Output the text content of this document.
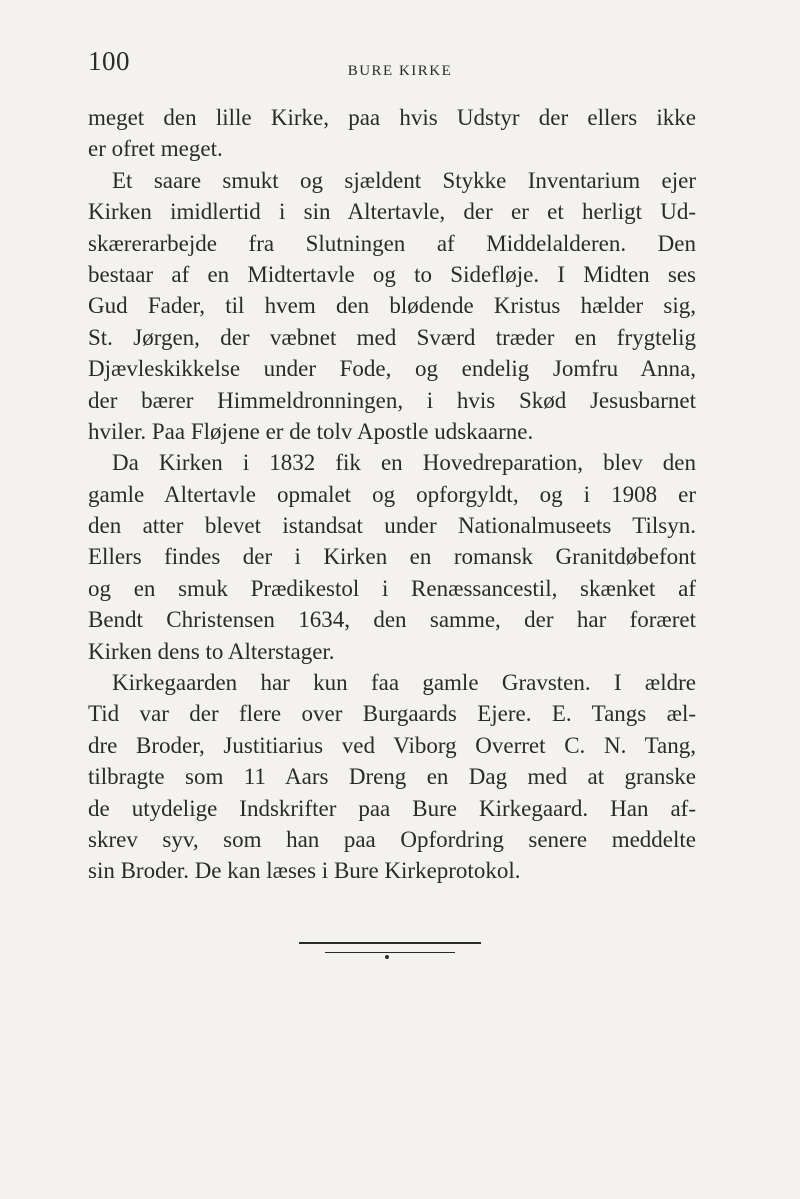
100	BURE KIRKE
meget den lille Kirke, paa hvis Udstyr der ellers ikke
er ofret meget.
Et saare smukt og sjældent Stykke Inventarium ejer
Kirken imidlertid i sin Altertavle, der er et herligt Ud-
skærerarbejde fra Slutningen af Middelalderen. Den
bestaar af en Midtertavle og to Sidefløje. I Midten ses
Gud Fader, til hvem den blødende Kristus hælder sig,
St. Jørgen, der væbnet med Sværd træder en frygtelig
Djævleskikkelse under Fode, og endelig Jomfru Anna,
der bærer Himmeldronningen, i hvis Skød Jesusbarnet
hviler. Paa Fløjene er de tolv Apostle udskaarne.
Da Kirken i 1832 fik en Hovedreparation, blev den
gamle Altertavle opmalet og opforgyldt, og i 1908 er
den atter blevet istandsat under Nationalmuseets Tilsyn.
Ellers findes der i Kirken en romansk Granitdøbefont
og en smuk Prædikestol i Renæssancestil, skænket af
Bendt Christensen 1634, den samme, der har foræret
Kirken dens to Alterstager.
Kirkegaarden har kun faa gamle Gravsten. I ældre
Tid var der flere over Burgaards Ejere. E. Tangs æl-
dre Broder, Justitiarius ved Viborg Overret C. N. Tang,
tilbragte som 11 Aars Dreng en Dag med at granske
de utydelige Indskrifter paa Bure Kirkegaard. Han af-
skrev syv, som han paa Opfordring senere meddelte
sin Broder. De kan læses i Bure Kirkeprotokol.
